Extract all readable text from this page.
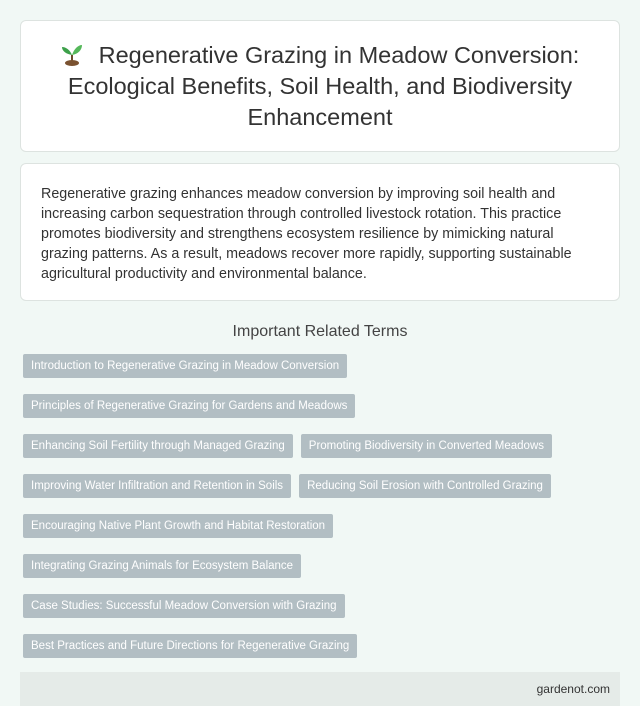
Regenerative Grazing in Meadow Conversion: Ecological Benefits, Soil Health, and Biodiversity Enhancement

Regenerative grazing enhances meadow conversion by improving soil health and increasing carbon sequestration through controlled livestock rotation. This practice promotes biodiversity and strengthens ecosystem resilience by mimicking natural grazing patterns. As a result, meadows recover more rapidly, supporting sustainable agricultural productivity and environmental balance.

Important Related Terms
Introduction to Regenerative Grazing in Meadow Conversion
Principles of Regenerative Grazing for Gardens and Meadows
Enhancing Soil Fertility through Managed Grazing	Promoting Biodiversity in Converted Meadows
Improving Water Infiltration and Retention in Soils	Reducing Soil Erosion with Controlled Grazing
Encouraging Native Plant Growth and Habitat Restoration
Integrating Grazing Animals for Ecosystem Balance
Case Studies: Successful Meadow Conversion with Grazing
Best Practices and Future Directions for Regenerative Grazing
gardenot.com
